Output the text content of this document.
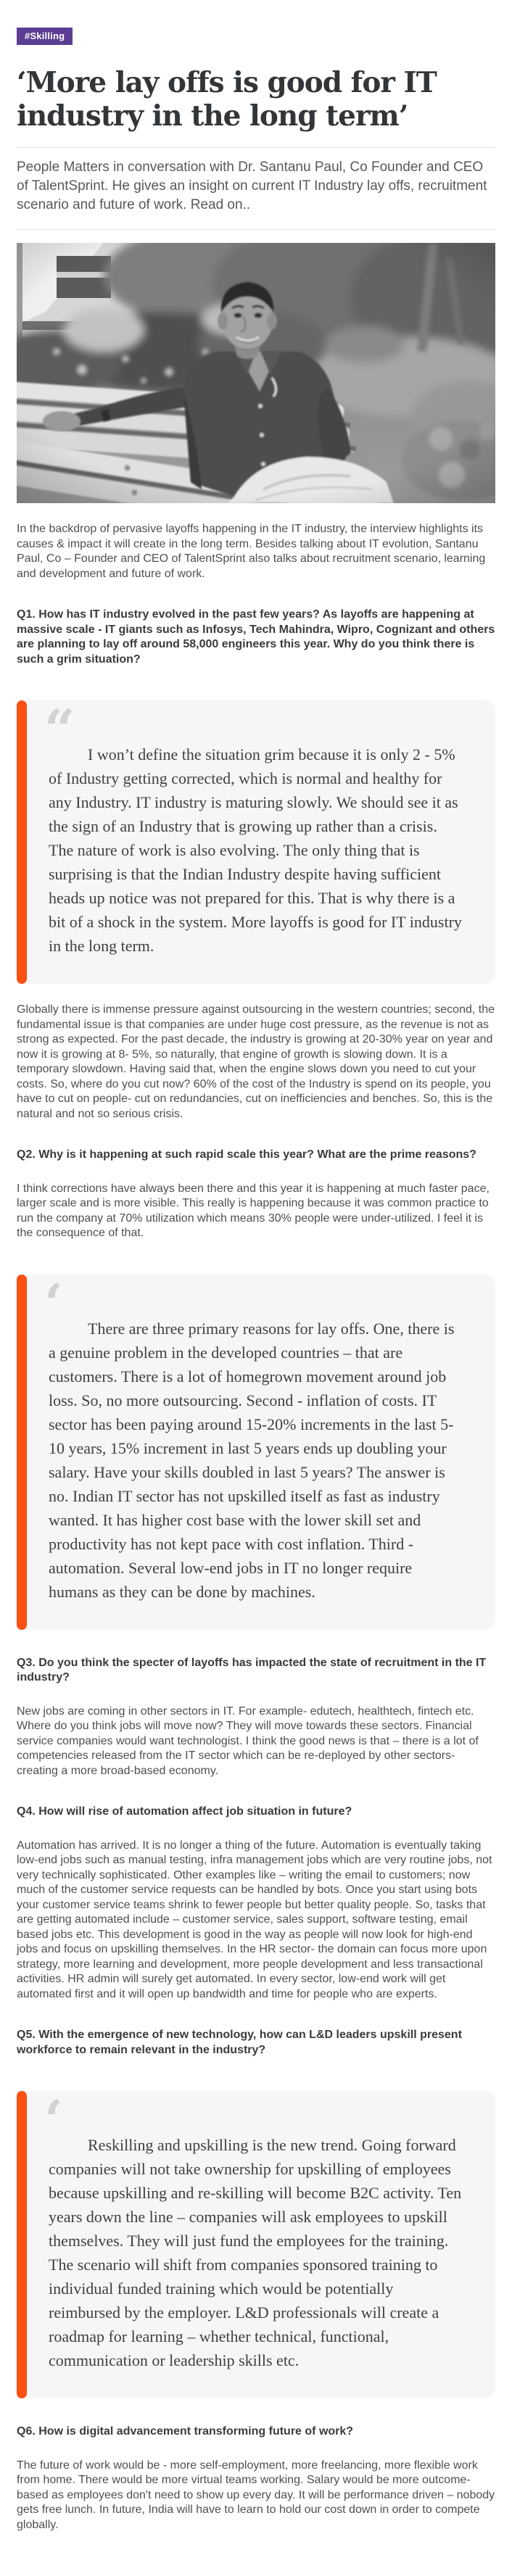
#Skilling
‘More lay offs is good for IT industry in the long term’

People Matters in conversation with Dr. Santanu Paul, Co Founder and CEO of TalentSprint. He gives an insight on current IT Industry lay offs, recruitment scenario and future of work. Read on..

In the backdrop of pervasive layoffs happening in the IT industry, the interview highlights its causes & impact it will create in the long term. Besides talking about IT evolution, Santanu Paul, Co – Founder and CEO of TalentSprint also talks about recruitment scenario, learning and development and future of work.

Q1. How has IT industry evolved in the past few years? As layoffs are happening at massive scale - IT giants such as Infosys, Tech Mahindra, Wipro, Cognizant and others are planning to lay off around 58,000 engineers this year. Why do you think there is such a grim situation?

“ I won’t define the situation grim because it is only 2 - 5% of Industry getting corrected, which is normal and healthy for any Industry. IT industry is maturing slowly. We should see it as the sign of an Industry that is growing up rather than a crisis. The nature of work is also evolving. The only thing that is surprising is that the Indian Industry despite having sufficient heads up notice was not prepared for this. That is why there is a bit of a shock in the system. More layoffs is good for IT industry in the long term.

Globally there is immense pressure against outsourcing in the western countries; second, the fundamental issue is that companies are under huge cost pressure, as the revenue is not as strong as expected. For the past decade, the industry is growing at 20-30% year on year and now it is growing at 8- 5%, so naturally, that engine of growth is slowing down. It is a temporary slowdown. Having said that, when the engine slows down you need to cut your costs. So, where do you cut now? 60% of the cost of the Industry is spend on its people, you have to cut on people- cut on redundancies, cut on inefficiencies and benches. So, this is the natural and not so serious crisis.

Q2. Why is it happening at such rapid scale this year? What are the prime reasons?

I think corrections have always been there and this year it is happening at much faster pace, larger scale and is more visible. This really is happening because it was common practice to run the company at 70% utilization which means 30% people were under-utilized. I feel it is the consequence of that.

‘	There are three primary reasons for lay offs. One, there is a genuine problem in the developed countries – that are customers. There is a lot of homegrown movement around job loss. So, no more outsourcing. Second - inflation of costs. IT sector has been paying around 15-20% increments in the last 5-10 years, 15% increment in last 5 years ends up doubling your salary. Have your skills doubled in last 5 years? The answer is no. Indian IT sector has not upskilled itself as fast as industry wanted. It has higher cost base with the lower skill set and productivity has not kept pace with cost inflation. Third - automation. Several low-end jobs in IT no longer require humans as they can be done by machines.

Q3. Do you think the specter of layoffs has impacted the state of recruitment in the IT industry?

New jobs are coming in other sectors in IT. For example- edutech, healthtech, fintech etc. Where do you think jobs will move now? They will move towards these sectors. Financial service companies would want technologist. I think the good news is that – there is a lot of competencies released from the IT sector which can be re-deployed by other sectors- creating a more broad-based economy.

Q4. How will rise of automation affect job situation in future?

Automation has arrived. It is no longer a thing of the future. Automation is eventually taking low-end jobs such as manual testing, infra management jobs which are very routine jobs, not very technically sophisticated. Other examples like – writing the email to customers; now much of the customer service requests can be handled by bots. Once you start using bots your customer service teams shrink to fewer people but better quality people. So, tasks that are getting automated include – customer service, sales support, software testing, email based jobs etc. This development is good in the way as people will now look for high-end jobs and focus on upskilling themselves. In the HR sector- the domain can focus more upon strategy, more learning and development, more people development and less transactional activities. HR admin will surely get automated. In every sector, low-end work will get automated first and it will open up bandwidth and time for people who are experts.

Q5. With the emergence of new technology, how can L&D leaders upskill present workforce to remain relevant in the industry?

‘	Reskilling and upskilling is the new trend. Going forward companies will not take ownership for upskilling of employees because upskilling and re-skilling will become B2C activity. Ten years down the line – companies will ask employees to upskill themselves. They will just fund the employees for the training. The scenario will shift from companies sponsored training to individual funded training which would be potentially reimbursed by the employer. L&D professionals will create a roadmap for learning – whether technical, functional, communication or leadership skills etc.

Q6. How is digital advancement transforming future of work?

The future of work would be - more self-employment, more freelancing, more flexible work from home. There would be more virtual teams working. Salary would be more outcome-based as employees don't need to show up every day. It will be performance driven – nobody gets free lunch. In future, India will have to learn to hold our cost down in order to compete globally.
